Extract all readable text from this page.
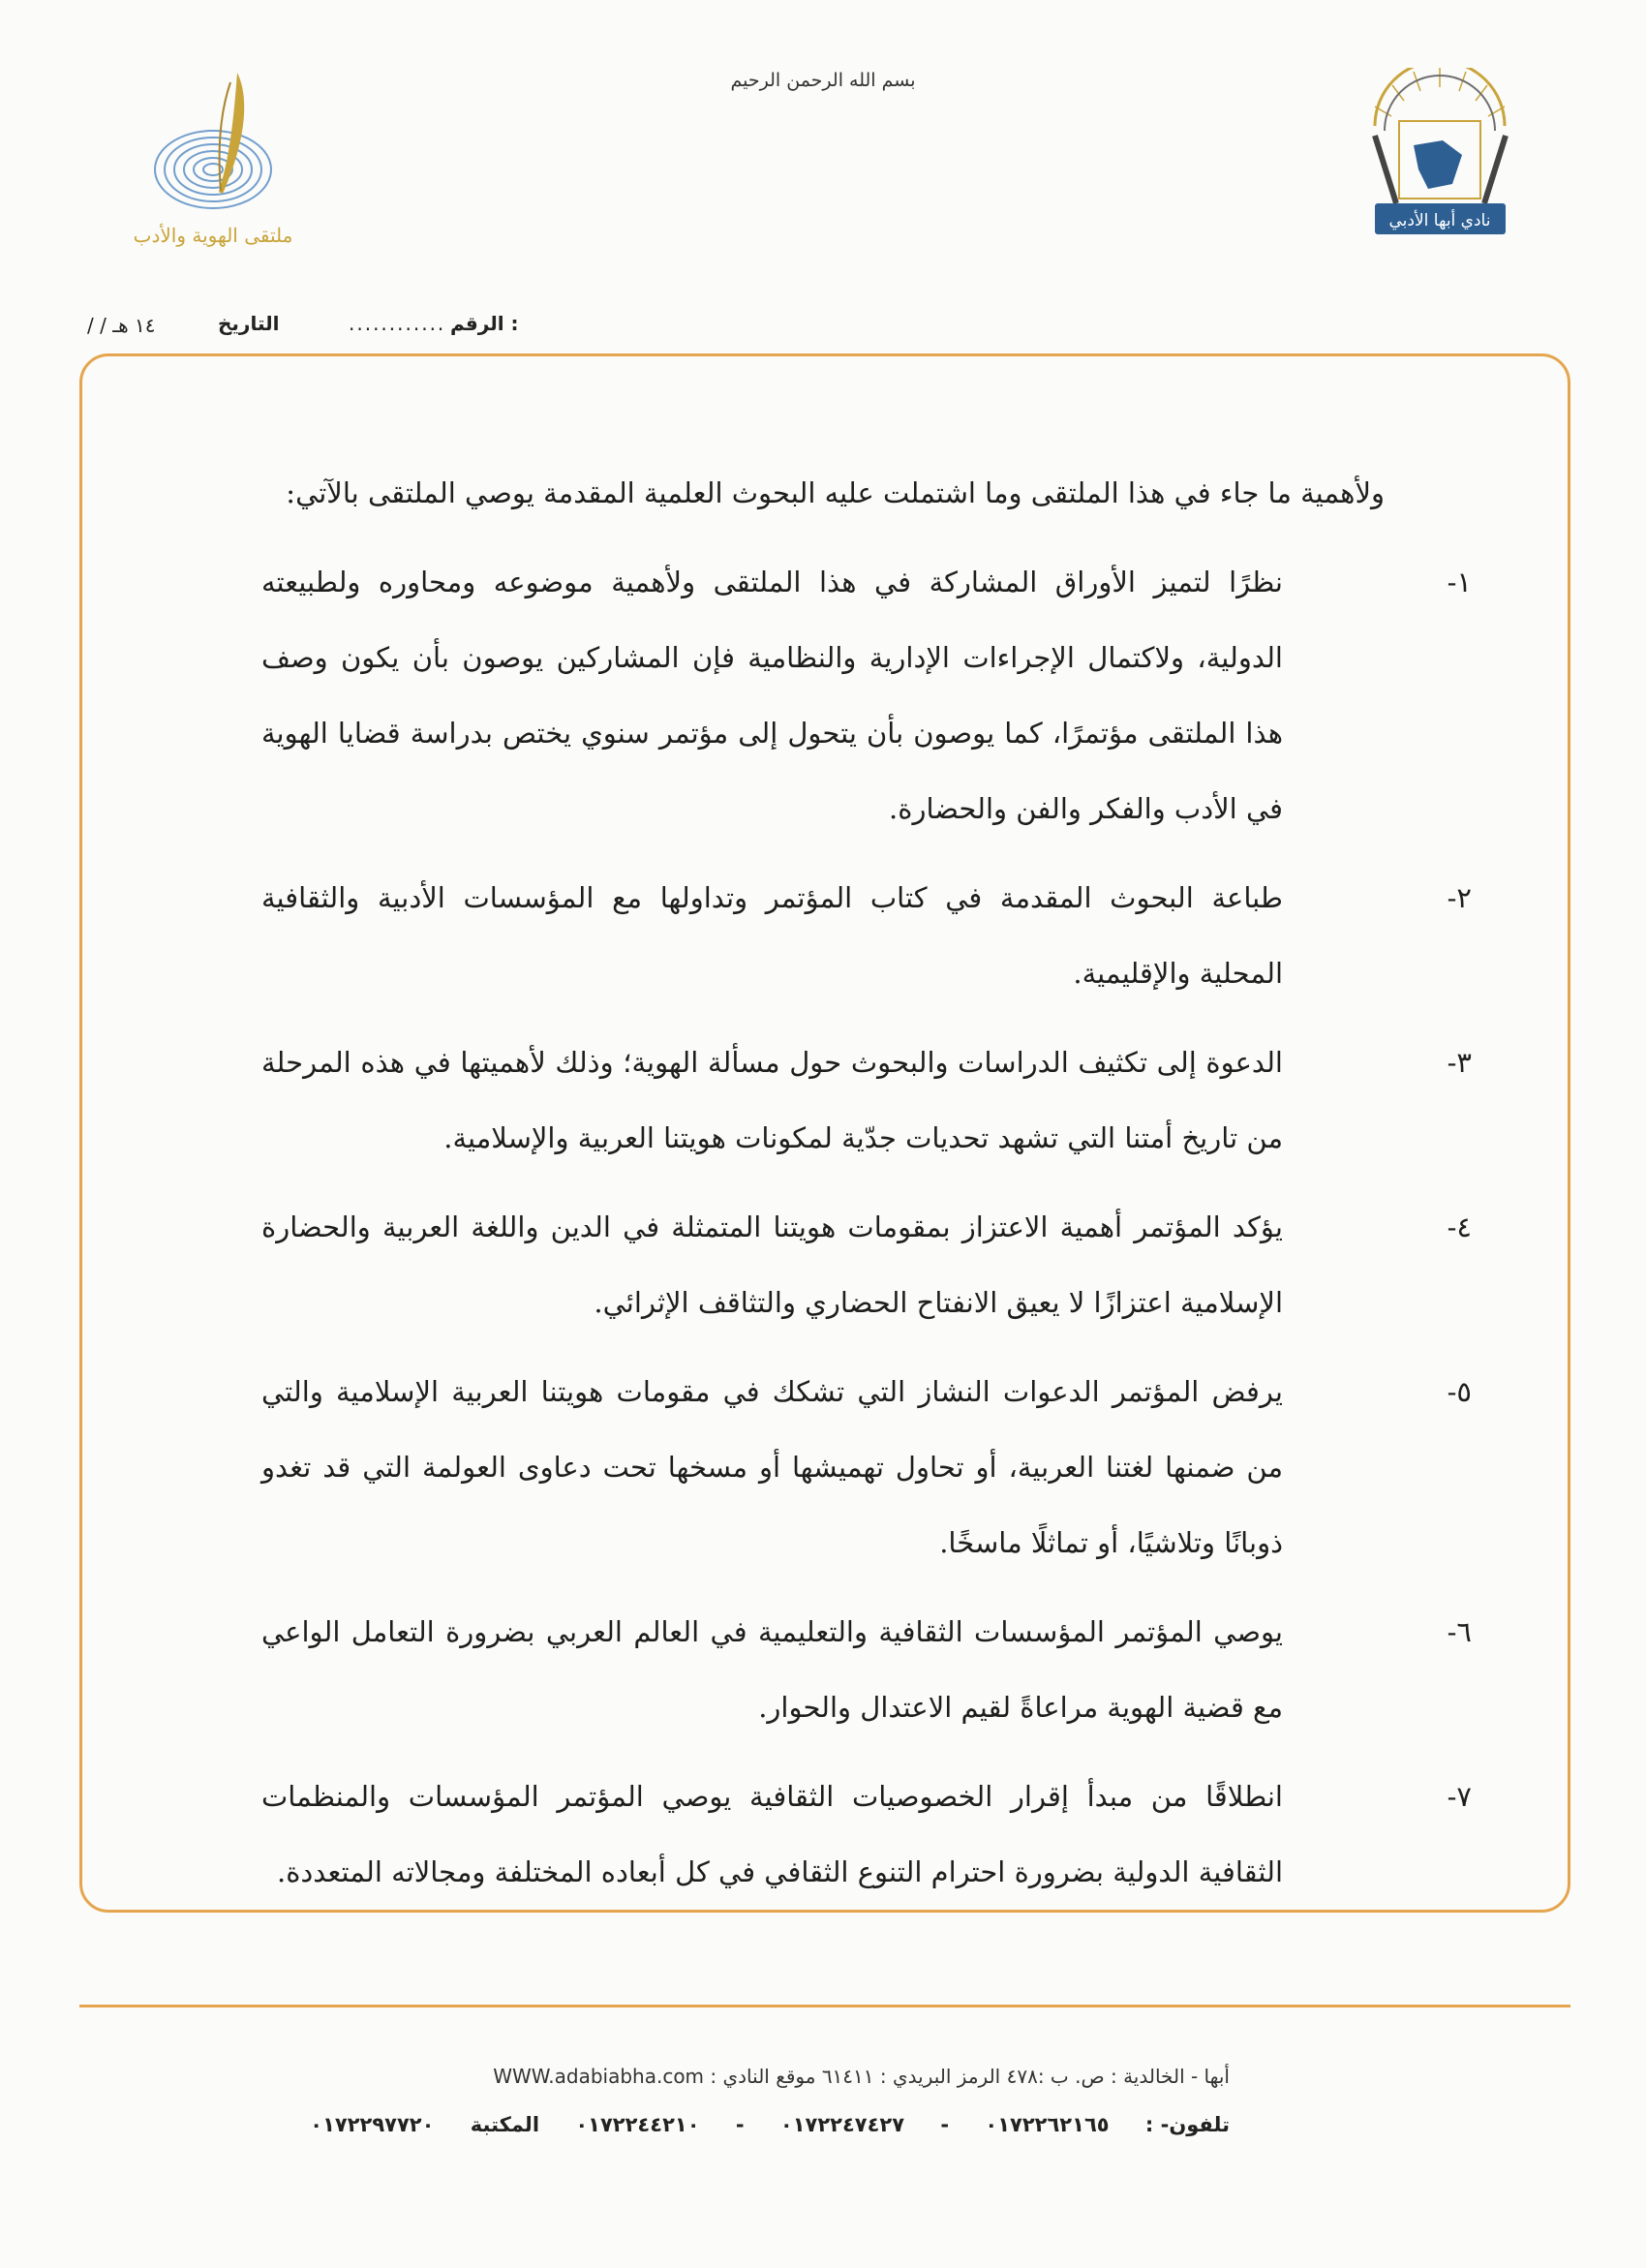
بسم الله الرحمن الرحيم
ملتقى الهوية والأدب
نادي أبها الأدبي
/ / ١٤ هـ	التاريخ	............ الرقم :
ولأهمية ما جاء في هذا الملتقى وما اشتملت عليه البحوث العلمية المقدمة يوصي الملتقى بالآتي:
١-
نظرًا لتميز الأوراق المشاركة في هذا الملتقى ولأهمية موضوعه ومحاوره ولطبيعته الدولية، ولاكتمال الإجراءات الإدارية والنظامية فإن المشاركين يوصون بأن يكون وصف هذا الملتقى مؤتمرًا، كما يوصون بأن يتحول إلى مؤتمر سنوي يختص بدراسة قضايا الهوية في الأدب والفكر والفن والحضارة.
٢-
طباعة البحوث المقدمة في كتاب المؤتمر وتداولها مع المؤسسات الأدبية والثقافية المحلية والإقليمية.
٣-
الدعوة إلى تكثيف الدراسات والبحوث حول مسألة الهوية؛ وذلك لأهميتها في هذه المرحلة من تاريخ أمتنا التي تشهد تحديات جدّية لمكونات هويتنا العربية والإسلامية.
٤-
يؤكد المؤتمر أهمية الاعتزاز بمقومات هويتنا المتمثلة في الدين واللغة العربية والحضارة الإسلامية اعتزازًا لا يعيق الانفتاح الحضاري والتثاقف الإثرائي.
٥-
يرفض المؤتمر الدعوات النشاز التي تشكك في مقومات هويتنا العربية الإسلامية والتي من ضمنها لغتنا العربية، أو تحاول تهميشها أو مسخها تحت دعاوى العولمة التي قد تغدو ذوبانًا وتلاشيًا، أو تماثلًا ماسخًا.
٦-
يوصي المؤتمر المؤسسات الثقافية والتعليمية في العالم العربي بضرورة التعامل الواعي مع قضية الهوية مراعاةً لقيم الاعتدال والحوار.
٧-
انطلاقًا من مبدأ إقرار الخصوصيات الثقافية يوصي المؤتمر المؤسسات والمنظمات الثقافية الدولية بضرورة احترام التنوع الثقافي في كل أبعاده المختلفة ومجالاته المتعددة.
أبها - الخالدية : ص. ب :٤٧٨ الرمز البريدي : ٦١٤١١ موقع النادي : WWW.adabiabha.com
تلفون- : ٠١٧٢٢٦٢١٦٥ - ٠١٧٢٢٤٧٤٢٧ - ٠١٧٢٢٤٤٢١٠ المكتبة ٠١٧٢٢٩٧٧٢٠
